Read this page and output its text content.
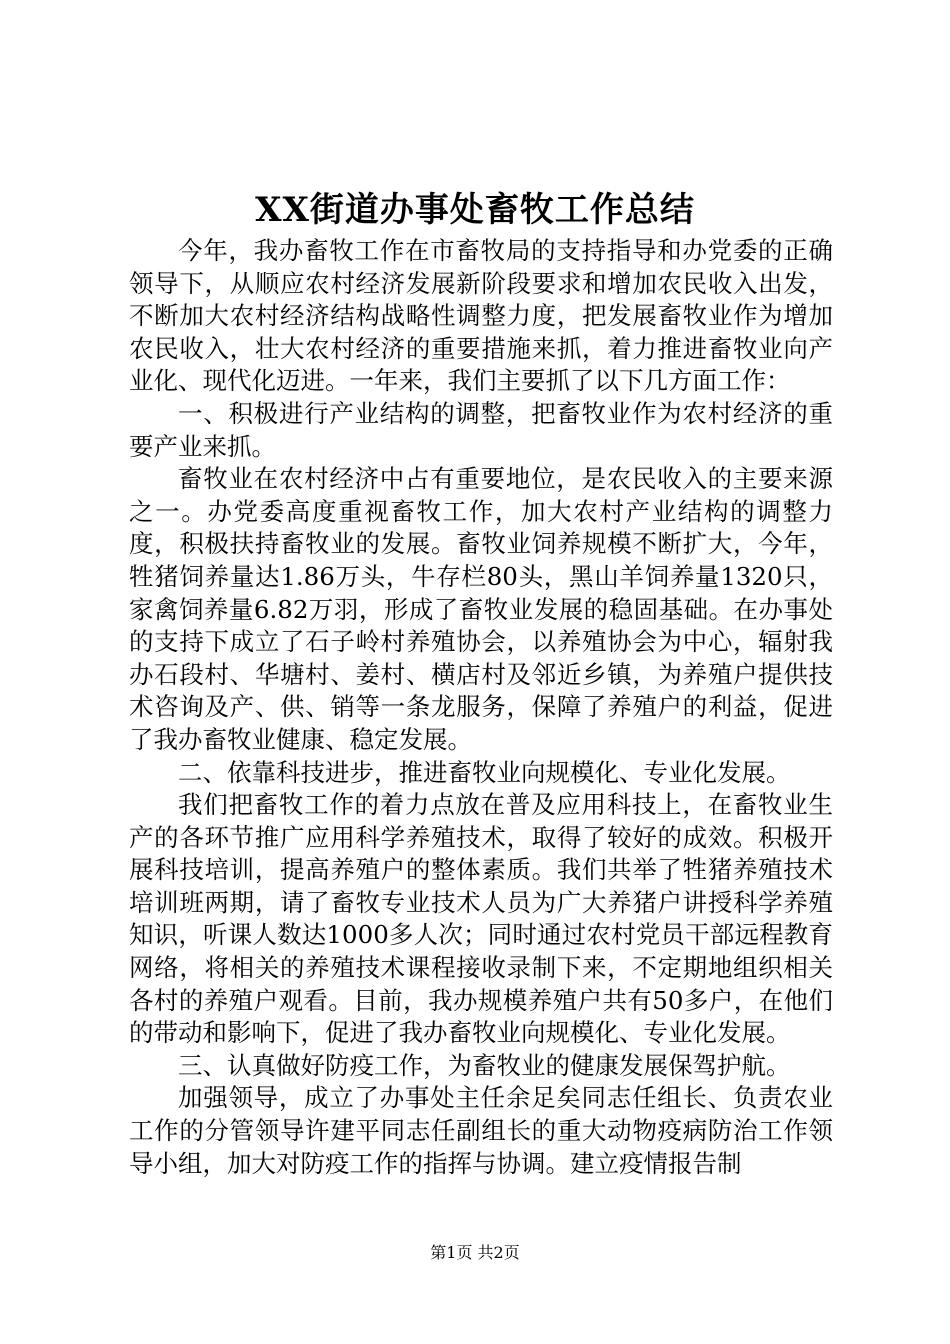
XX街道办事处畜牧工作总结

今年，我办畜牧工作在市畜牧局的支持指导和办党委的正确领导下，从顺应农村经济发展新阶段要求和增加农民收入出发，不断加大农村经济结构战略性调整力度，把发展畜牧业作为增加农民收入，壮大农村经济的重要措施来抓，着力推进畜牧业向产业化、现代化迈进。一年来，我们主要抓了以下几方面工作：

一、积极进行产业结构的调整，把畜牧业作为农村经济的重要产业来抓。

畜牧业在农村经济中占有重要地位，是农民收入的主要来源之一。办党委高度重视畜牧工作，加大农村产业结构的调整力度，积极扶持畜牧业的发展。畜牧业饲养规模不断扩大，今年，牲猪饲养量达1.86万头，牛存栏80头，黑山羊饲养量1320只，家禽饲养量6.82万羽，形成了畜牧业发展的稳固基础。在办事处的支持下成立了石子岭村养殖协会，以养殖协会为中心，辐射我办石段村、华塘村、姜村、横店村及邻近乡镇，为养殖户提供技术咨询及产、供、销等一条龙服务，保障了养殖户的利益，促进了我办畜牧业健康、稳定发展。

二、依靠科技进步，推进畜牧业向规模化、专业化发展。

我们把畜牧工作的着力点放在普及应用科技上，在畜牧业生产的各环节推广应用科学养殖技术，取得了较好的成效。积极开展科技培训，提高养殖户的整体素质。我们共举了牲猪养殖技术培训班两期，请了畜牧专业技术人员为广大养猪户讲授科学养殖知识，听课人数达1000多人次；同时通过农村党员干部远程教育网络，将相关的养殖技术课程接收录制下来，不定期地组织相关各村的养殖户观看。目前，我办规模养殖户共有50多户，在他们的带动和影响下，促进了我办畜牧业向规模化、专业化发展。

三、认真做好防疫工作，为畜牧业的健康发展保驾护航。

加强领导，成立了办事处主任余足矣同志任组长、负责农业工作的分管领导许建平同志任副组长的重大动物疫病防治工作领导小组，加大对防疫工作的指挥与协调。建立疫情报告制

第1页 共2页
